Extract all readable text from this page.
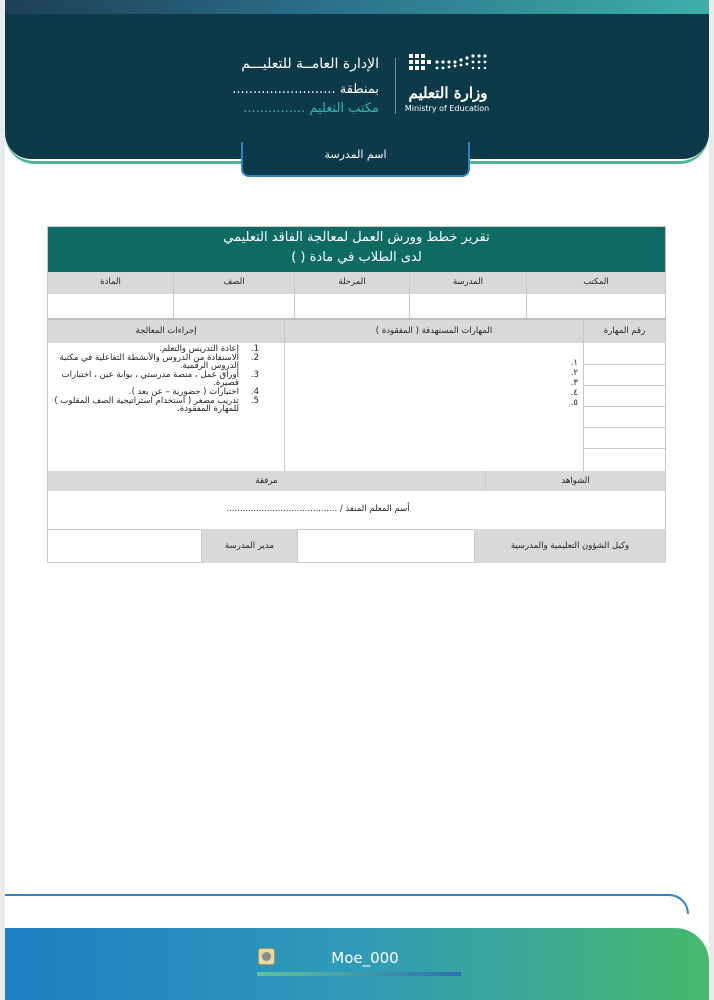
وزارة التعليم
Ministry of Education
الإدارة العامــة للتعليـــم
بمنطقة .........................
مكتب التعليم ...............
اسم المدرسة
تقرير خطط وورش العمل لمعالجة الفاقد التعليمي
لدى الطلاب في مادة ( )
المكتب
المدرسة
المرحلة
الصف
المادة
رقم المهارة
المهارات المستهدفة ( المفقودة )
إجراءات المعالجة
١.
٢.
٣.
٤.
٥.
1.
إعادة التدريس والتعلم.
2.
الاستفادة من الدروس والأنشطة التفاعلية في مكتبة الدروس الرقمية.
3.
أوراق عمل ، منصة مدرستي ، بوابة عين ، اختبارات قصيرة.
4.
اختبارات ( حضورية – عن بعد ).
5.
تدريب مصغر ( استخدام استراتيجية الصف المقلوب ) للمهارة المفقودة.
الشواهد
مرفقة
أسم المعلم المنفذ / .........................................
وكيل الشؤون التعليمية والمدرسية
مدير المدرسة
Moe_000
